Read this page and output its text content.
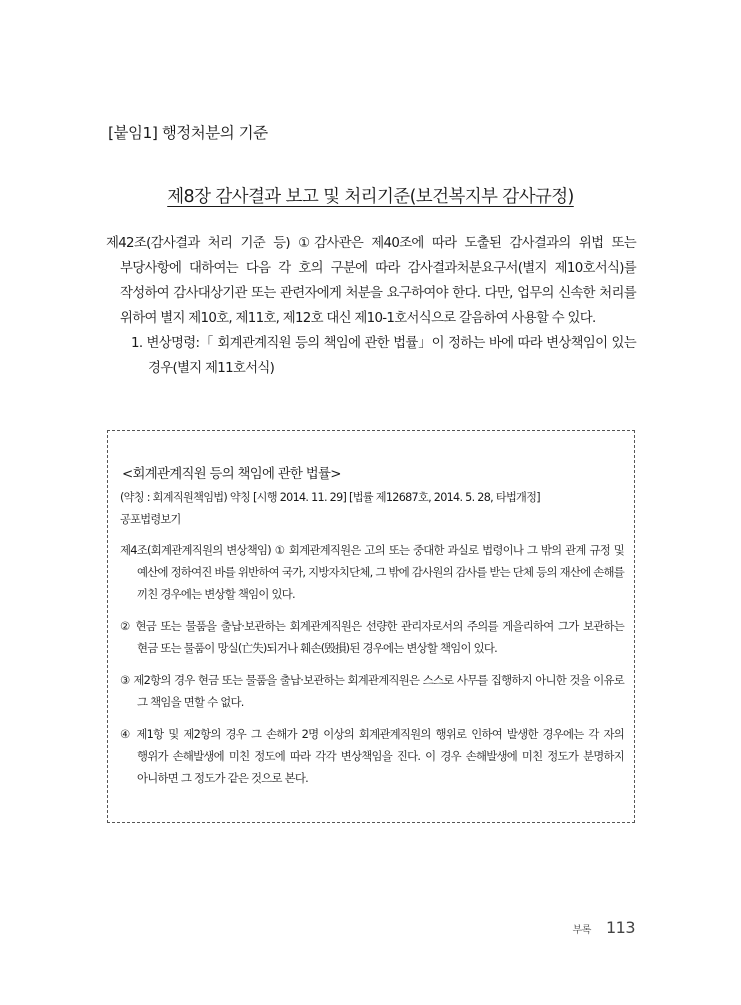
[붙임1] 행정처분의 기준
제8장 감사결과 보고 및 처리기준(보건복지부 감사규정)

제42조(감사결과 처리 기준 등) ①감사관은 제40조에 따라 도출된 감사결과의 위법 또는 부당사항에 대하여는 다음 각 호의 구분에 따라 감사결과처분요구서(별지 제10호서식)를 작성하여 감사대상기관 또는 관련자에게 처분을 요구하여야 한다. 다만, 업무의 신속한 처리를 위하여 별지 제10호, 제11호, 제12호 대신 제10-1호서식으로 갈음하여 사용할 수 있다.

1. 변상명령:「 회계관계직원 등의 책임에 관한 법률」이 정하는 바에 따라 변상책임이 있는 경우(별지 제11호서식)

<회계관계직원 등의 책임에 관한 법률>
(약칭 : 회계직원책임법) 약칭 [시행 2014. 11. 29] [법률 제12687호, 2014. 5. 28, 타법개정]
공포법령보기

제4조(회계관계직원의 변상책임) ① 회계관계직원은 고의 또는 중대한 과실로 법령이나 그 밖의 관계 규정 및 예산에 정하여진 바를 위반하여 국가, 지방자치단체, 그 밖에 감사원의 감사를 받는 단체 등의 재산에 손해를 끼친 경우에는 변상할 책임이 있다.

② 현금 또는 물품을 출납·보관하는 회계관계직원은 선량한 관리자로서의 주의를 게을리하여 그가 보관하는 현금 또는 물품이 망실(亡失)되거나 훼손(毁損)된 경우에는 변상할 책임이 있다.

③ 제2항의 경우 현금 또는 물품을 출납·보관하는 회계관계직원은 스스로 사무를 집행하지 아니한 것을 이유로 그 책임을 면할 수 없다.

④ 제1항 및 제2항의 경우 그 손해가 2명 이상의 회계관계직원의 행위로 인하여 발생한 경우에는 각 자의 행위가 손해발생에 미친 정도에 따라 각각 변상책임을 진다. 이 경우 손해발생에 미친 정도가 분명하지 아니하면 그 정도가 같은 것으로 본다.

부록 113
